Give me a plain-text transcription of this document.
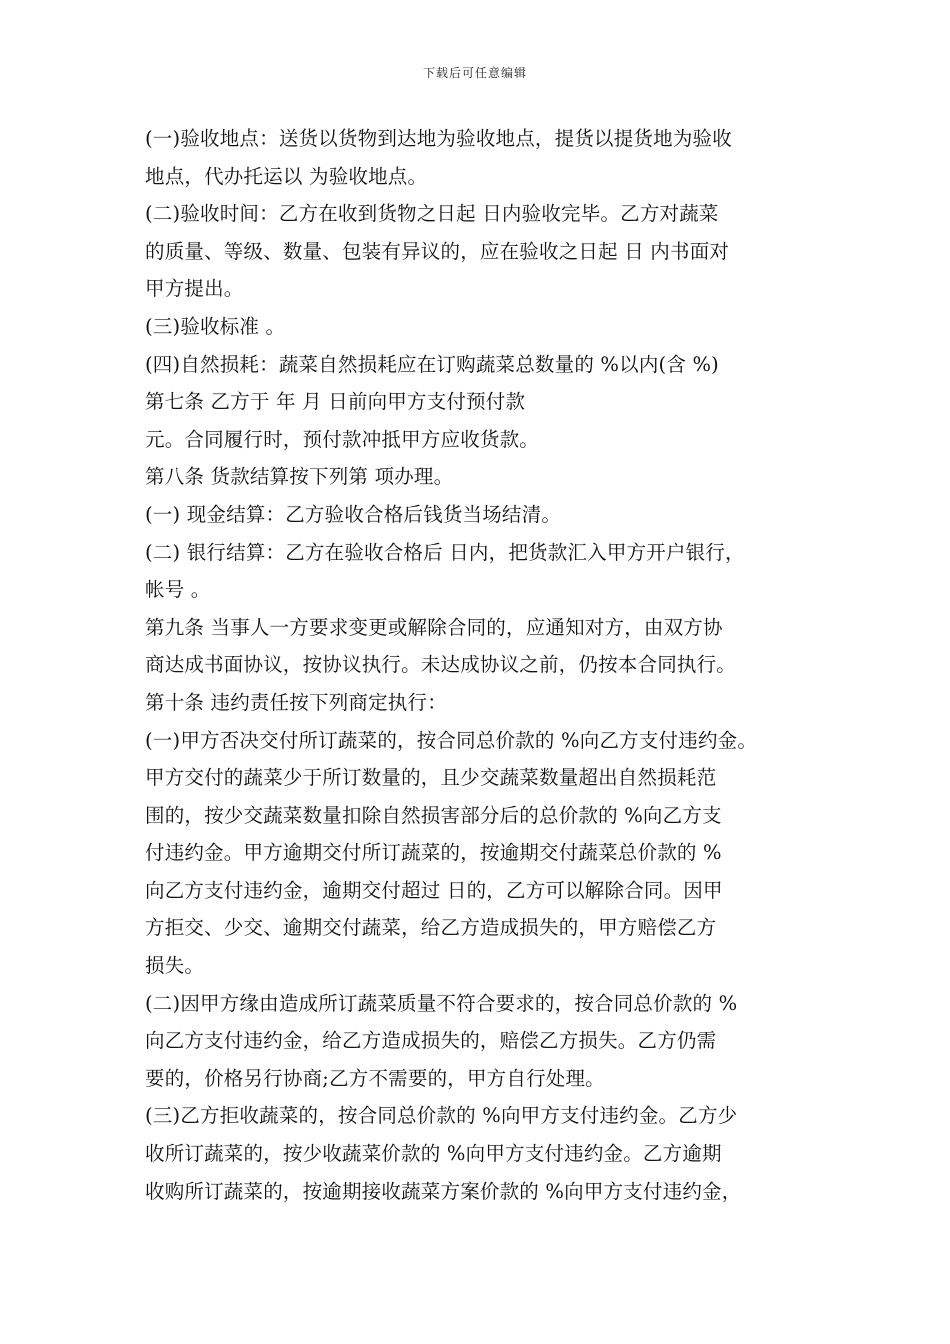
下载后可任意编辑
(一)验收地点：送货以货物到达地为验收地点，提货以提货地为验收
地点，代办托运以 为验收地点。
(二)验收时间：乙方在收到货物之日起 日内验收完毕。乙方对蔬菜
的质量、等级、数量、包装有异议的，应在验收之日起 日 内书面对
甲方提出。
(三)验收标准 。
(四)自然损耗：蔬菜自然损耗应在订购蔬菜总数量的 %以内(含 %)
第七条 乙方于 年 月 日前向甲方支付预付款
元。合同履行时，预付款冲抵甲方应收货款。
第八条 货款结算按下列第 项办理。
(一) 现金结算：乙方验收合格后钱货当场结清。
(二) 银行结算：乙方在验收合格后 日内，把货款汇入甲方开户银行，
帐号 。
第九条 当事人一方要求变更或解除合同的，应通知对方，由双方协
商达成书面协议，按协议执行。未达成协议之前，仍按本合同执行。
第十条 违约责任按下列商定执行：
(一)甲方否决交付所订蔬菜的，按合同总价款的 %向乙方支付违约金。
甲方交付的蔬菜少于所订数量的，且少交蔬菜数量超出自然损耗范
围的，按少交蔬菜数量扣除自然损害部分后的总价款的 %向乙方支
付违约金。甲方逾期交付所订蔬菜的，按逾期交付蔬菜总价款的 %
向乙方支付违约金，逾期交付超过 日的，乙方可以解除合同。因甲
方拒交、少交、逾期交付蔬菜，给乙方造成损失的，甲方赔偿乙方
损失。
(二)因甲方缘由造成所订蔬菜质量不符合要求的，按合同总价款的 %
向乙方支付违约金，给乙方造成损失的，赔偿乙方损失。乙方仍需
要的，价格另行协商;乙方不需要的，甲方自行处理。
(三)乙方拒收蔬菜的，按合同总价款的 %向甲方支付违约金。乙方少
收所订蔬菜的，按少收蔬菜价款的 %向甲方支付违约金。乙方逾期
收购所订蔬菜的，按逾期接收蔬菜方案价款的 %向甲方支付违约金，
